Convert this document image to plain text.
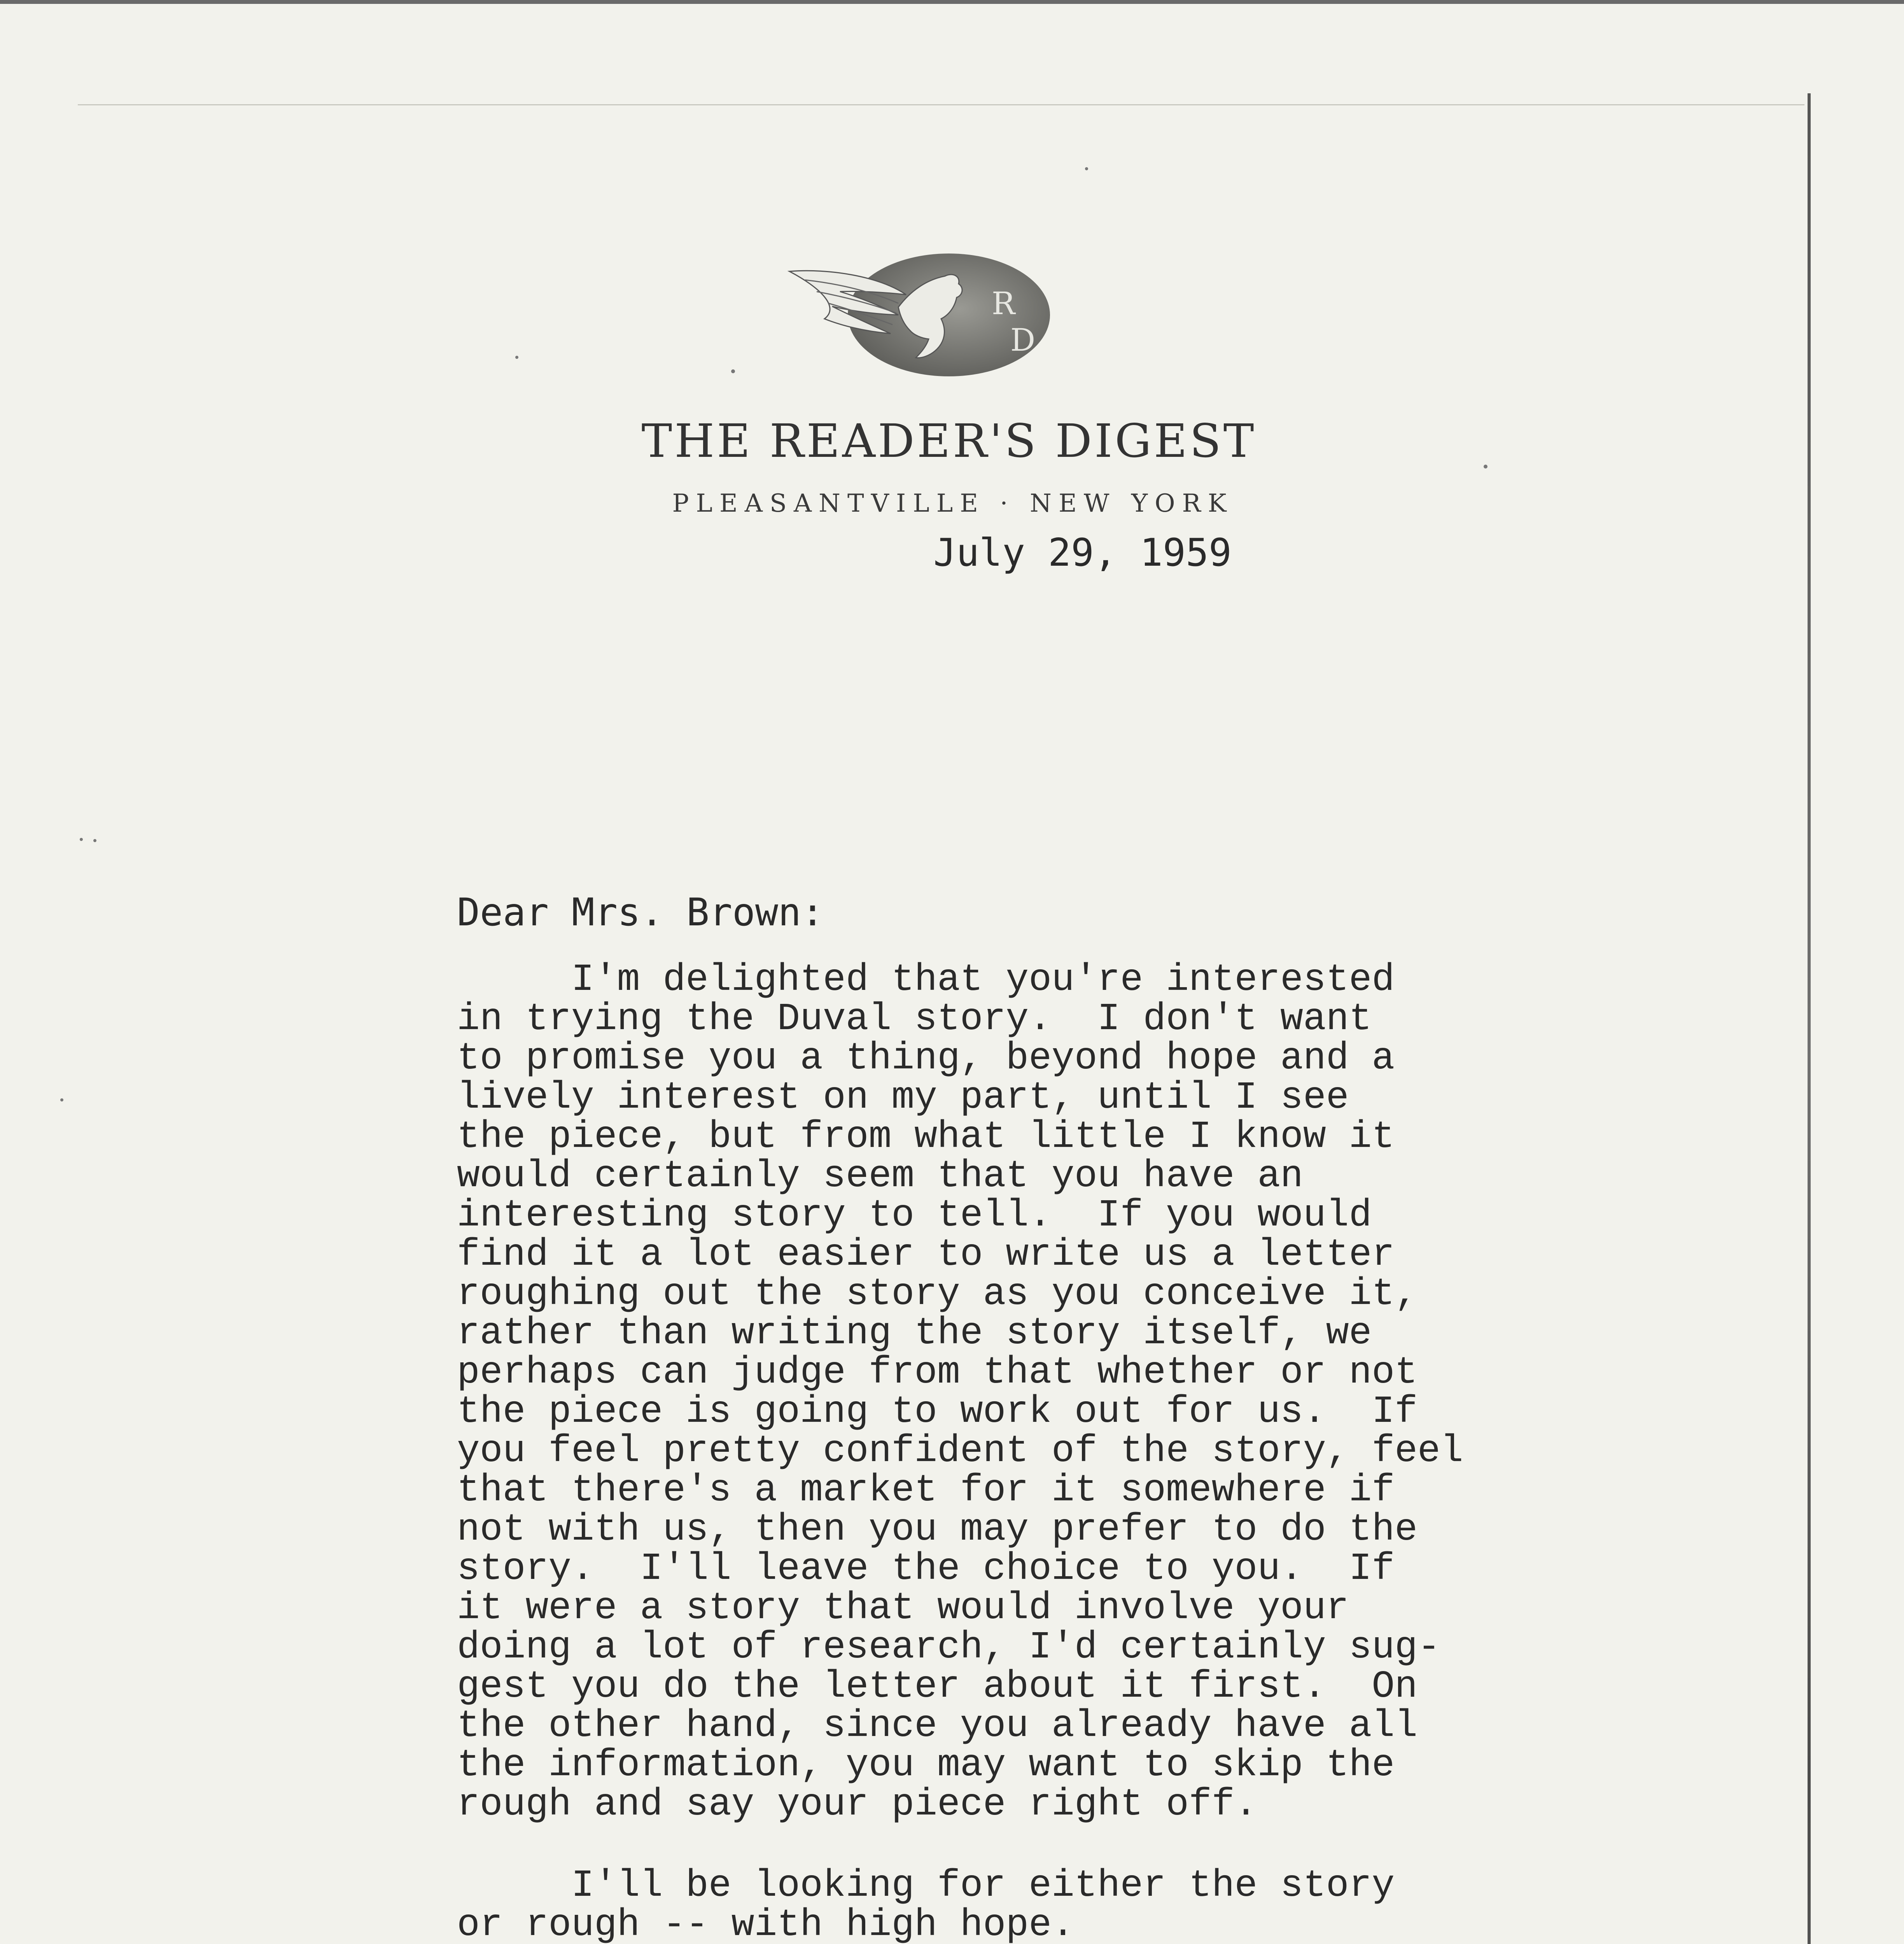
R
D
THE READER'S DIGEST
PLEASANTVILLE · NEW YORK
July 29, 1959
Dear Mrs. Brown:
I'm delighted that you're interested
in trying the Duval story.  I don't want
to promise you a thing, beyond hope and a
lively interest on my part, until I see
the piece, but from what little I know it
would certainly seem that you have an
interesting story to tell.  If you would
find it a lot easier to write us a letter
roughing out the story as you conceive it,
rather than writing the story itself, we
perhaps can judge from that whether or not
the piece is going to work out for us.  If
you feel pretty confident of the story, feel
that there's a market for it somewhere if
not with us, then you may prefer to do the
story.  I'll leave the choice to you.  If
it were a story that would involve your
doing a lot of research, I'd certainly sug-
gest you do the letter about it first.  On
the other hand, since you already have all
the information, you may want to skip the
rough and say your piece right off.
I'll be looking for either the story
or rough -- with high hope.
